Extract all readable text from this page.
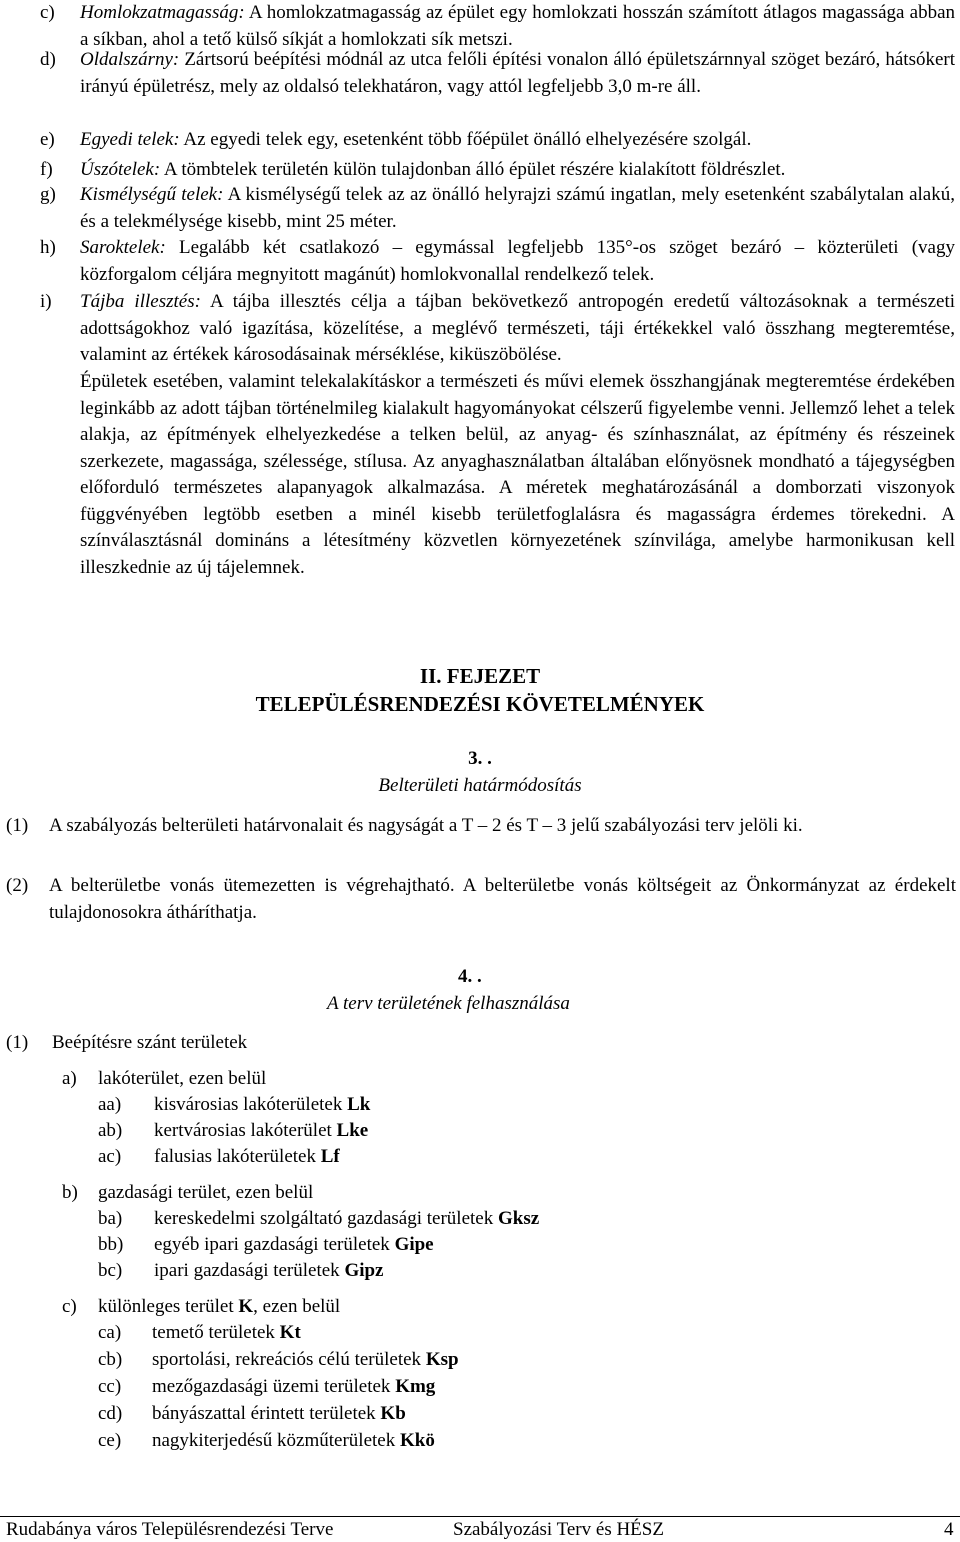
c) Homlokzatmagasság: A homlokzatmagasság az épület egy homlokzati hosszán számított átlagos magassága abban a síkban, ahol a tető külső síkját a homlokzati sík metszi.
d) Oldalszárny: Zártsorú beépítési módnál az utca felőli építési vonalon álló épületszárnnyal szöget bezáró, hátsókert irányú épületrész, mely az oldalsó telekhatáron, vagy attól legfeljebb 3,0 m-re áll.
e) Egyedi telek: Az egyedi telek egy, esetenként több főépület önálló elhelyezésére szolgál.
f) Úszótelek: A tömbtelek területén külön tulajdonban álló épület részére kialakított földrészlet.
g) Kismélységű telek: A kismélységű telek az az önálló helyrajzi számú ingatlan, mely esetenként szabálytalan alakú, és a telekmélysége kisebb, mint 25 méter.
h) Saroktelek: Legalább két csatlakozó – egymással legfeljebb 135°-os szöget bezáró – közterületi (vagy közforgalom céljára megnyitott magánút) homlokvonallal rendelkező telek.
i) Tájba illesztés: A tájba illesztés célja a tájban bekövetkező antropogén eredetű változásoknak a természeti adottságokhoz való igazítása, közelítése, a meglévő természeti, táji értékekkel való összhang megteremtése, valamint az értékek károsodásainak mérséklése, kiküszöbölése.
Épületek esetében, valamint telekalakításkor a természeti és művi elemek összhangjának megteremtése érdekében leginkább az adott tájban történelmileg kialakult hagyományokat célszerű figyelembe venni. Jellemző lehet a telek alakja, az építmények elhelyezkedése a telken belül, az anyag- és színhasználat, az építmény és részeinek szerkezete, magassága, szélessége, stílusa. Az anyaghasználatban általában előnyösnek mondható a tájegységben előforduló természetes alapanyagok alkalmazása. A méretek meghatározásánál a domborzati viszonyok függvényében legtöbb esetben a minél kisebb területfoglalásra és magasságra érdemes törekedni. A színválasztásnál domináns a létesítmény közvetlen környezetének színvilága, amelybe harmonikusan kell illeszkednie az új tájelemnek.
II. FEJEZET
TELEPÜLÉSRENDEZÉSI KÖVETELMÉNYEK
3. .
Belterületi határmódosítás
(1) A szabályozás belterületi határvonalait és nagyságát a T – 2 és T – 3 jelű szabályozási terv jelöli ki.
(2) A belterületbe vonás ütemezetten is végrehajtható. A belterületbe vonás költségeit az Önkormányzat az érdekelt tulajdonosokra átháríthatja.
4. .
A terv területének felhasználása
(1) Beépítésre szánt területek
a) lakóterület, ezen belül
aa) kisvárosias lakóterületek Lk
ab) kertvárosias lakóterület Lke
ac) falusias lakóterületek Lf
b) gazdasági terület, ezen belül
ba) kereskedelmi szolgáltató gazdasági területek Gksz
bb) egyéb ipari gazdasági területek Gipe
bc) ipari gazdasági területek Gipz
c) különleges terület K, ezen belül
ca) temető területek Kt
cb) sportolási, rekreációs célú területek Ksp
cc) mezőgazdasági üzemi területek Kmg
cd) bányászattal érintett területek Kb
ce) nagykiterjedésű közműterületek Kkö
Rudabánya város Településrendezési Terve	Szabályozási Terv és HÉSZ	4
